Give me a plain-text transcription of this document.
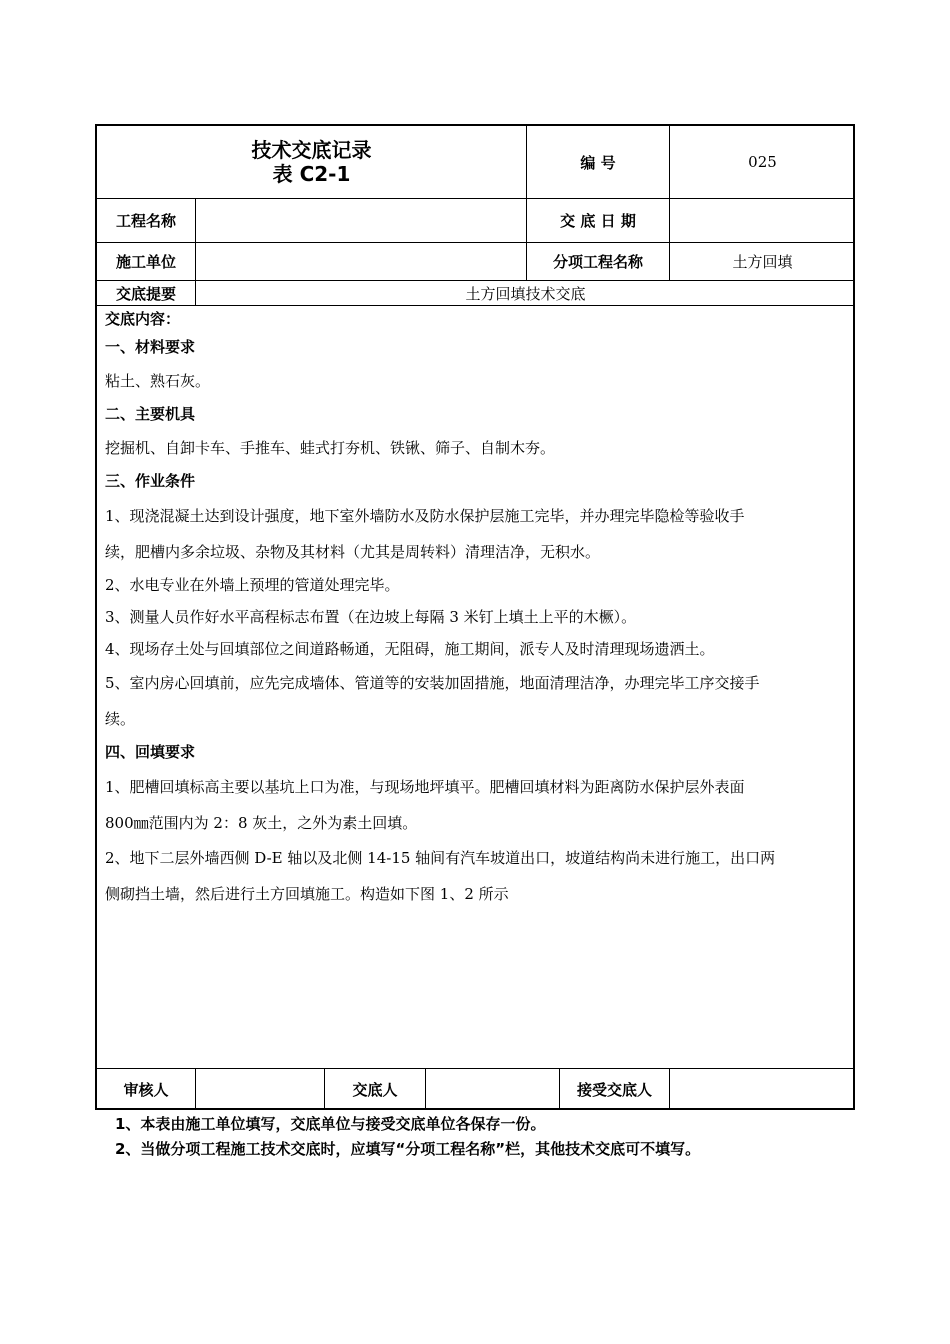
技术交底记录
表 C2-1	编 号	025
工程名称	交 底 日 期
施工单位	分项工程名称	土方回填
交底提要	土方回填技术交底

交底内容：

一、材料要求

粘土、熟石灰。

二、主要机具

挖掘机、自卸卡车、手推车、蛙式打夯机、铁锹、筛子、自制木夯。

三、作业条件

1、现浇混凝土达到设计强度，地下室外墙防水及防水保护层施工完毕，并办理完毕隐检等验收手

续，肥槽内多余垃圾、杂物及其材料（尤其是周转料）清理洁净，无积水。

2、水电专业在外墙上预埋的管道处理完毕。

3、测量人员作好水平高程标志布置（在边坡上每隔 3 米钉上填土上平的木橛）。

4、现场存土处与回填部位之间道路畅通，无阻碍，施工期间，派专人及时清理现场遗洒土。

5、室内房心回填前，应先完成墙体、管道等的安装加固措施，地面清理洁净，办理完毕工序交接手

续。

四、回填要求

1、肥槽回填标高主要以基坑上口为准，与现场地坪填平。肥槽回填材料为距离防水保护层外表面

800㎜范围内为 2：8 灰土，之外为素土回填。

2、地下二层外墙西侧 D-E 轴以及北侧 14-15 轴间有汽车坡道出口，坡道结构尚未进行施工，出口两

侧砌挡土墙，然后进行土方回填施工。构造如下图 1、2 所示

审核人	交底人	接受交底人
1、本表由施工单位填写，交底单位与接受交底单位各保存一份。
2、当做分项工程施工技术交底时，应填写“分项工程名称”栏，其他技术交底可不填写。
